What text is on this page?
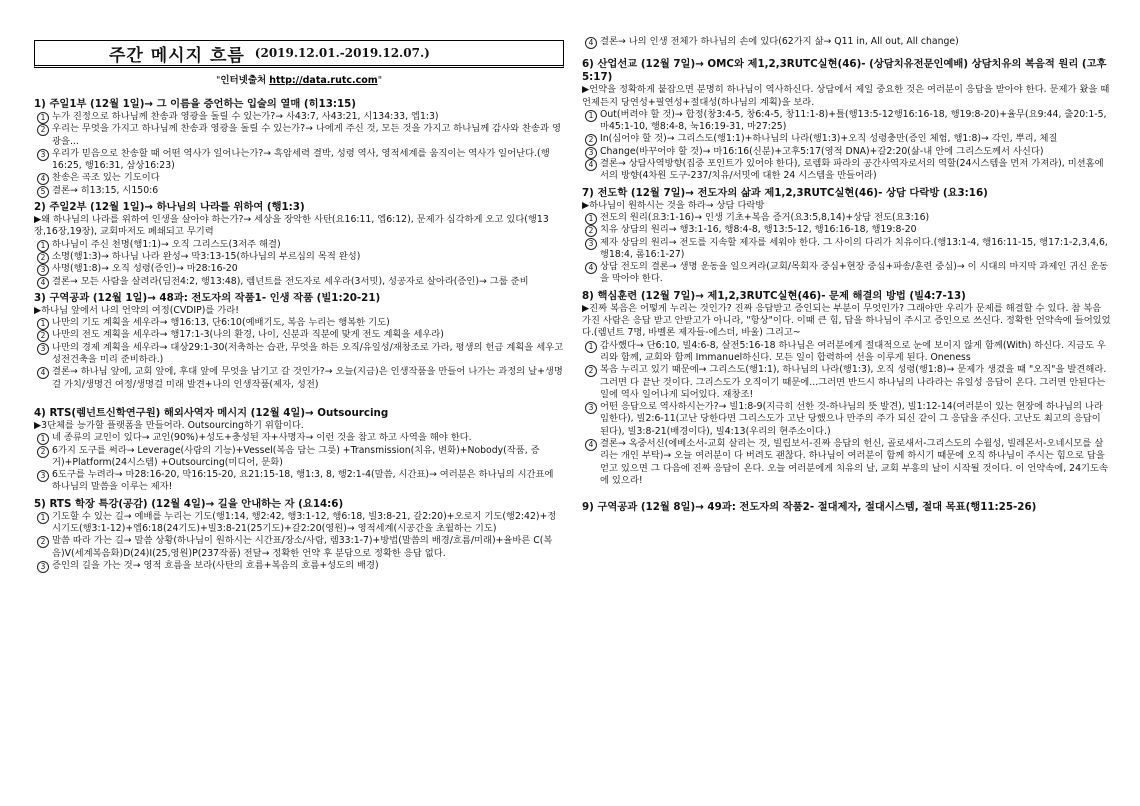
주간 메시지 흐름 (2019.12.01.-2019.12.07.)
"인터넷출처 http://data.rutc.com"
1) 주일1부 (12월 1일)→ 그 이름을 증언하는 입술의 열매 (히13:15)
누가 진정으로 하나님께 찬송과 영광을 돌릴 수 있는가?→ 사43:7, 사43:21, 시134:33, 엡1:3)
우리는 무엇을 가지고 하나님께 찬송과 영광을 돌릴 수 있는가?→ 나에게 주신 것, 모든 것을 가지고 하나님께 감사와 찬송과 영광을...
우리가 믿음으로 찬송할 때 어떤 역사가 일어나는가?→ 흑암세력 결박, 성령 역사, 영적세계를 움직이는 역사가 일어난다.(행16:25, 행16:31, 삼상16:23)
찬송은 곡조 있는 기도이다
결론→ 히13:15, 시150:6
2) 주일2부 (12월 1일)→ 하나님의 나라를 위하여 (행1:3)

▶왜 하나님의 나라를 위하여 인생을 살아야 하는가?→ 세상을 장악한 사탄(요16:11, 엡6:12), 문제가 심각하게 오고 있다(행13장,16장,19장), 교회마저도 폐쇄되고 무기력

하나님이 주신 천명(행1:1)→ 오직 그리스도(3저주 해결)
소명(행1:3)→ 하나님 나라 완성→ 막3:13-15(하나님의 부르심의 목적 완성)
사명(행1:8)→ 오직 성령(증인)→ 마28:16-20
결론→ 모든 사람을 살려라(딤전4:2, 행13:48), 렘넌트를 전도자로 세우라(3서밋), 성공자로 살아라(증인)→ 그룹 준비
3) 구역공과 (12월 1일)→ 48과: 전도자의 작품1- 인생 작품 (빌1:20-21)

▶하나님 앞에서 나의 언약의 여정(CVDIP)를 가라!

나만의 기도 계획을 세우라→ 행16:13, 단6:10(예배기도, 복음 누리는 행복한 기도)
나만의 전도 계획을 세우라→ 행17:1-3(나의 환경, 나이, 신분과 직분에 맞게 전도 계획을 세우라)
나만의 경제 계획을 세우라→ 대상29:1-30(저축하는 습관, 무엇을 하든 오직/유일성/재창조로 가라, 평생의 헌금 계획을 세우고 성전건축을 미리 준비하라.)
결론→ 하나님 앞에, 교회 앞에, 후대 앞에 무엇을 남기고 갈 것인가?→ 오늘(지금)은 인생작품을 만들어 나가는 과정의 날+생명걸 가치/생명건 여정/생명걸 미래 발견+나의 인생작품(제자, 성전)
4) RTS(렘넌트신학연구원) 해외사역자 메시지 (12월 4일)→ Outsourcing

▶3단체를 능가할 플랫폼을 만들어라. Outsourcing하기 위함이다.

네 종류의 교인이 있다→ 교인(90%)+성도+충성된 자+사명자→ 이런 것을 참고 하고 사역을 해야 한다.
6가지 도구를 써라→ Leverage(사람의 기능)+Vessel(복음 담는 그릇) +Transmission(치유, 변화)+Nobody(작품, 증거)+Platform(24시스템) +Outsourcing(미디어, 문화)
6도구를 누려라→ 마28:16-20, 막16:15-20, 요21:15-18, 행1:3, 8, 행2:1-4(말씀, 시간표)→ 여러분은 하나님의 시간표에 하나님의 말씀을 이루는 제자!
5) RTS 학장 특강(공감) (12월 4일)→ 길을 안내하는 자 (요14:6)
기도할 수 있는 길→ 예배를 누리는 기도(행1:14, 행2:42, 행3:1-12, 행6:18, 빌3:8-21, 갈2:20)+오로지 기도(행2:42)+정시기도(행3:1-12)+엡6:18(24기도)+빌3:8-21(25기도)+갈2:20(영원)→ 영적세계(시공간을 초월하는 기도)
말씀 따라 가는 길→ 말씀 상황(하나님이 원하시는 시간표/장소/사람, 렘33:1-7)+방법(말씀의 배경/흐름/미래)+율바른 C(복음)V(세계복음화)D(24)I(25,영원)P(237작품) 전달→ 정확한 언약 후 분답으로 정확한 응답 없다.
증인의 길을 가는 것→ 영적 흐름을 보라(사탄의 흐름+복음의 흐름+성도의 배경)
결론→ 나의 인생 전체가 하나님의 손에 있다(62가지 삶→ Q11 in, All out, All change)
6) 산업선교 (12월 7일)→ OMC와 제1,2,3RUTC실현(46)- (상담치유전문인예배) 상담치유의 복음적 원리 (고후5:17)

▶언약을 정확하게 붙잡으면 분명히 하나님이 역사하신다. 상담에서 제일 중요한 것은 여러분이 응답을 받아야 한다. 문제가 왔을 때 언제든지 당연성+필연성+절대성(하나님의 계획)을 보라.

Out(버려야 할 것)→ 합정(창3:4-5, 창6:4-5, 창11:1-8)+틀(행13:5-12행16:16-18, 행19:8-20)+율무(요9:44, 출20:1-5, 마45:1-10, 행8:4-8, 눅16:19-31, 마27:25)
In(심어야 할 것)→ 그리스도(행1:1)+하나님의 나라(행1:3)+오직 성령충만(증인 체험, 행1:8)→ 각인, 뿌리, 체질
Change(바꾸어야 할 것)→ 마16:16(신분)+고후5:17(영적 DNA)+갈2:20(삶-내 안에 그리스도께서 사신다)
결론→ 상담사역방향(집중 포인트가 있어야 한다), 로렘화 파라의 공간사역자로서의 역할(24시스템을 먼저 가져라), 미션홈에서의 방향(4차원 도구-237/치유/서밋에 대한 24 시스템을 만들어라)
7) 전도학 (12월 7일)→ 전도자의 삶과 제1,2,3RUTC실현(46)- 상담 다락방 (요3:16)

▶하나님이 원하시는 것을 하라→ 상담 다락방

전도의 원리(요3:1-16)→ 인생 기초+복음 증거(요3:5,8,14)+상담 전도(요3:16)
치유 상담의 원리→ 행3:1-16, 행8:4-8, 행13:5-12, 행16:16-18, 행19:8-20
제자 상담의 원리→ 전도를 지속할 제자를 세워야 한다. 그 사이의 다리가 치유이다.(행13:1-4, 행16:11-15, 행17:1-2,3,4,6, 행18:4, 롬16:1-27)
상담 전도의 결론→ 생명 운동을 일으켜라(교회/목회자 중심+현장 중심+파송/훈련 중심)→ 이 시대의 마지막 과제인 귀신 운동을 막아야 한다.
8) 핵심훈련 (12월 7일)→ 제1,2,3RUTC실현(46)- 문제 해결의 방법 (빌4:7-13)

▶진짜 복음은 어떻게 누리는 것인가? 진짜 응답받고 증인되는 부분이 무엇인가? 그래야만 우리가 문제를 해결할 수 있다. 참 복음 가진 사람은 응답 받고 안받고가 아니라, "항상"이다. 이때 큰 힘, 답을 하나님이 주시고 증인으로 쓰신다. 정확한 언약속에 들어있었다.(렘넌트 7명, 바벨론 제자들-에스더, 바울) 그리고~

감사했다→ 단6:10, 빌4:6-8, 살전5:16-18 하나님은 여러분에게 절대적으로 눈에 보이지 않게 함께(With) 하신다. 지금도 우리와 함께, 교회와 함께 Immanuel하신다. 모든 일이 합력하여 선을 이루게 된다. Oneness
복음 누리고 있기 때문에→ 그리스도(행1:1), 하나님의 나라(행1:3), 오직 성령(행1:8)→ 문제가 생겼을 때 "오직"을 발견해라. 그러면 다 끝난 것이다. 그리스도가 오직이기 때문에...그러면 반드시 하나님의 나라라는 유일성 응답이 온다. 그러면 안된다는 일에 역사 일어나게 되어있다. 재창조!
어떤 응답으로 역사하시는가?→ 빌1:8-9(지극히 선한 것-하나님의 뜻 발견), 빌1:12-14(여러분이 있는 현장에 하나님의 나라 임한다), 빌2:6-11(고난 당한다면 그리스도가 고난 당했으나 만주의 주가 되신 같이 그 응답을 주신다. 고난도 최고의 응답이 된다), 빌3:8-21(배경이다), 빌4:13(우리의 현주소이다.)
결론→ 옥중서신(에베소서-교회 살리는 것, 빌립보서-진짜 응답의 헌신, 골로새서-그리스도의 수월성, 빌레몬서-오네시모를 살리는 개인 부탁)→ 오늘 여러분이 다 버려도 괜찮다. 하나님이 여러분이 함께 하시기 때문에 오직 하나님이 주시는 힘으로 답을 얻고 있으면 그 다음에 진짜 응답이 온다. 오늘 여러분에게 치유의 날, 교회 부흥의 날이 시작될 것이다. 이 언약속에, 24기도속에 있으라!
9) 구역공과 (12월 8일)→ 49과: 전도자의 작품2- 절대제자, 절대시스템, 절대 목표(행11:25-26)
